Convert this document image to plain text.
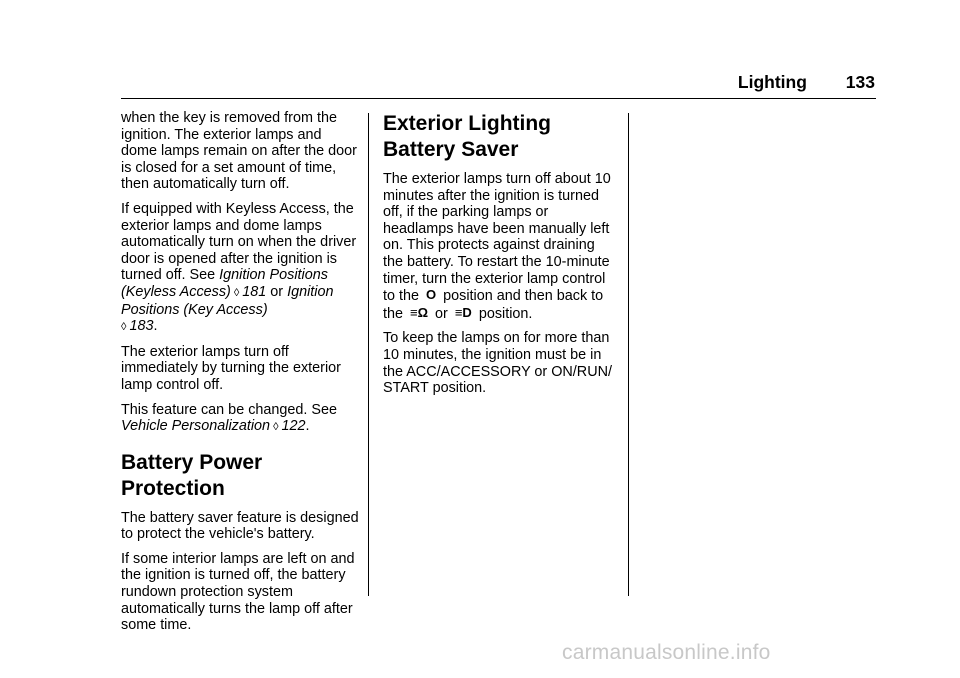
Lighting 133

when the key is removed from the ignition. The exterior lamps and dome lamps remain on after the door is closed for a set amount of time, then automatically turn off.

If equipped with Keyless Access, the exterior lamps and dome lamps automatically turn on when the driver door is opened after the ignition is turned off. See Ignition Positions (Keyless Access) ◊ 181 or Ignition Positions (Key Access)
◊ 183.

The exterior lamps turn off immediately by turning the exterior lamp control off.

This feature can be changed. See
Vehicle Personalization ◊ 122.

Battery Power Protection

The battery saver feature is designed to protect the vehicle's battery.

If some interior lamps are left on and the ignition is turned off, the battery rundown protection system automatically turns the lamp off after some time.

Exterior Lighting Battery Saver

The exterior lamps turn off about 10 minutes after the ignition is turned off, if the parking lamps or headlamps have been manually left on. This protects against draining the battery. To restart the 10-minute timer, turn the exterior lamp control to the O position and then back to the ≡Ω or ≡D position.

To keep the lamps on for more than 10 minutes, the ignition must be in the ACC/ACCESSORY or ON/RUN/ START position.

carmanualsonline.info
